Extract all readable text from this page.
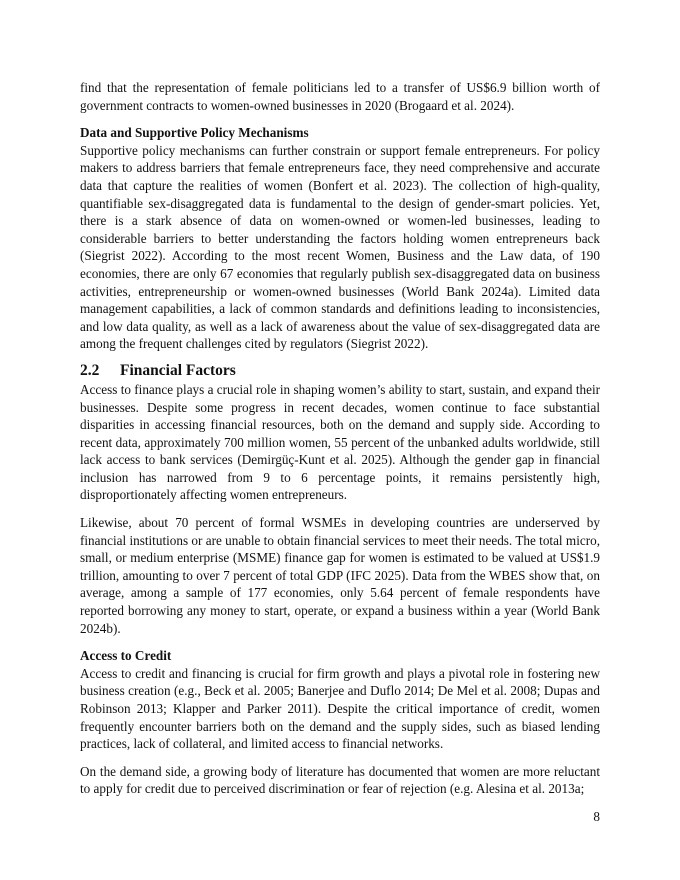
find that the representation of female politicians led to a transfer of US$6.9 billion worth of government contracts to women-owned businesses in 2020 (Brogaard et al. 2024).

Data and Supportive Policy Mechanisms

Supportive policy mechanisms can further constrain or support female entrepreneurs. For policy makers to address barriers that female entrepreneurs face, they need comprehensive and accurate data that capture the realities of women (Bonfert et al. 2023). The collection of high-quality, quantifiable sex-disaggregated data is fundamental to the design of gender-smart policies. Yet, there is a stark absence of data on women-owned or women-led businesses, leading to considerable barriers to better understanding the factors holding women entrepreneurs back (Siegrist 2022). According to the most recent Women, Business and the Law data, of 190 economies, there are only 67 economies that regularly publish sex-disaggregated data on business activities, entrepreneurship or women-owned businesses (World Bank 2024a). Limited data management capabilities, a lack of common standards and definitions leading to inconsistencies, and low data quality, as well as a lack of awareness about the value of sex-disaggregated data are among the frequent challenges cited by regulators (Siegrist 2022).

2.2 Financial Factors

Access to finance plays a crucial role in shaping women’s ability to start, sustain, and expand their businesses. Despite some progress in recent decades, women continue to face substantial disparities in accessing financial resources, both on the demand and supply side. According to recent data, approximately 700 million women, 55 percent of the unbanked adults worldwide, still lack access to bank services (Demirgüç-Kunt et al. 2025). Although the gender gap in financial inclusion has narrowed from 9 to 6 percentage points, it remains persistently high, disproportionately affecting women entrepreneurs.

Likewise, about 70 percent of formal WSMEs in developing countries are underserved by financial institutions or are unable to obtain financial services to meet their needs. The total micro, small, or medium enterprise (MSME) finance gap for women is estimated to be valued at US$1.9 trillion, amounting to over 7 percent of total GDP (IFC 2025). Data from the WBES show that, on average, among a sample of 177 economies, only 5.64 percent of female respondents have reported borrowing any money to start, operate, or expand a business within a year (World Bank 2024b).

Access to Credit

Access to credit and financing is crucial for firm growth and plays a pivotal role in fostering new business creation (e.g., Beck et al. 2005; Banerjee and Duflo 2014; De Mel et al. 2008; Dupas and Robinson 2013; Klapper and Parker 2011). Despite the critical importance of credit, women frequently encounter barriers both on the demand and the supply sides, such as biased lending practices, lack of collateral, and limited access to financial networks.

On the demand side, a growing body of literature has documented that women are more reluctant to apply for credit due to perceived discrimination or fear of rejection (e.g. Alesina et al. 2013a;

8
